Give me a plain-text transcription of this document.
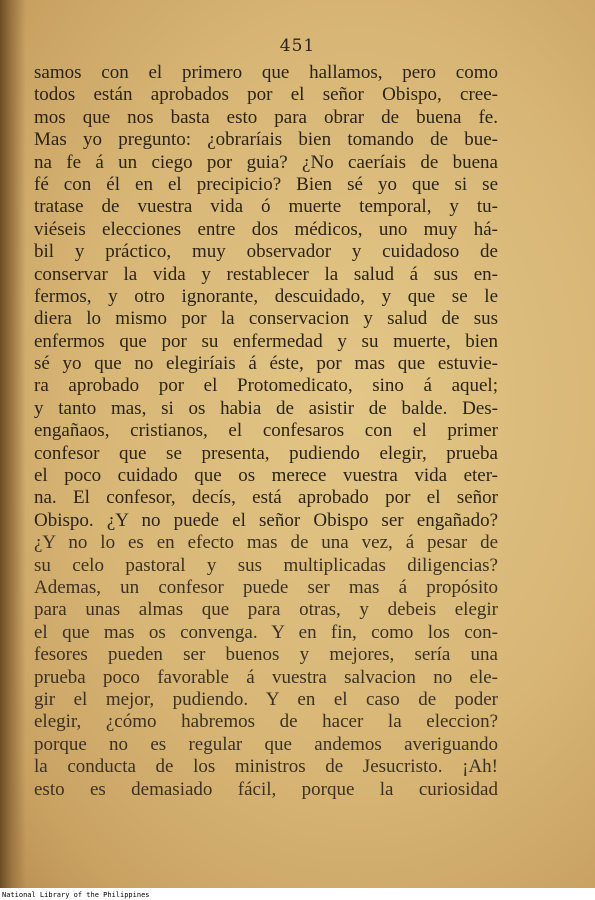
451
samos con el primero que hallamos, pero como
todos están aprobados por el señor Obispo, cree-
mos que nos basta esto para obrar de buena fe.
Mas yo pregunto: ¿obraríais bien tomando de bue-
na fe á un ciego por guia? ¿No caeríais de buena
fé con él en el precipicio? Bien sé yo que si se
tratase de vuestra vida ó muerte temporal, y tu-
viéseis elecciones entre dos médicos, uno muy há-
bil y práctico, muy observador y cuidadoso de
conservar la vida y restablecer la salud á sus en-
fermos, y otro ignorante, descuidado, y que se le
diera lo mismo por la conservacion y salud de sus
enfermos que por su enfermedad y su muerte, bien
sé yo que no elegiríais á éste, por mas que estuvie-
ra aprobado por el Protomedicato, sino á aquel;
y tanto mas, si os habia de asistir de balde. Des-
engañaos, cristianos, el confesaros con el primer
confesor que se presenta, pudiendo elegir, prueba
el poco cuidado que os merece vuestra vida eter-
na. El confesor, decís, está aprobado por el señor
Obispo. ¿Y no puede el señor Obispo ser engañado?
¿Y no lo es en efecto mas de una vez, á pesar de
su celo pastoral y sus multiplicadas diligencias?
Ademas, un confesor puede ser mas á propósito
para unas almas que para otras, y debeis elegir
el que mas os convenga. Y en fin, como los con-
fesores pueden ser buenos y mejores, sería una
prueba poco favorable á vuestra salvacion no ele-
gir el mejor, pudiendo. Y en el caso de poder
elegir, ¿cómo habremos de hacer la eleccion?
porque no es regular que andemos averiguando
la conducta de los ministros de Jesucristo. ¡Ah!
esto es demasiado fácil, porque la curiosidad
National Library of the Philippines
